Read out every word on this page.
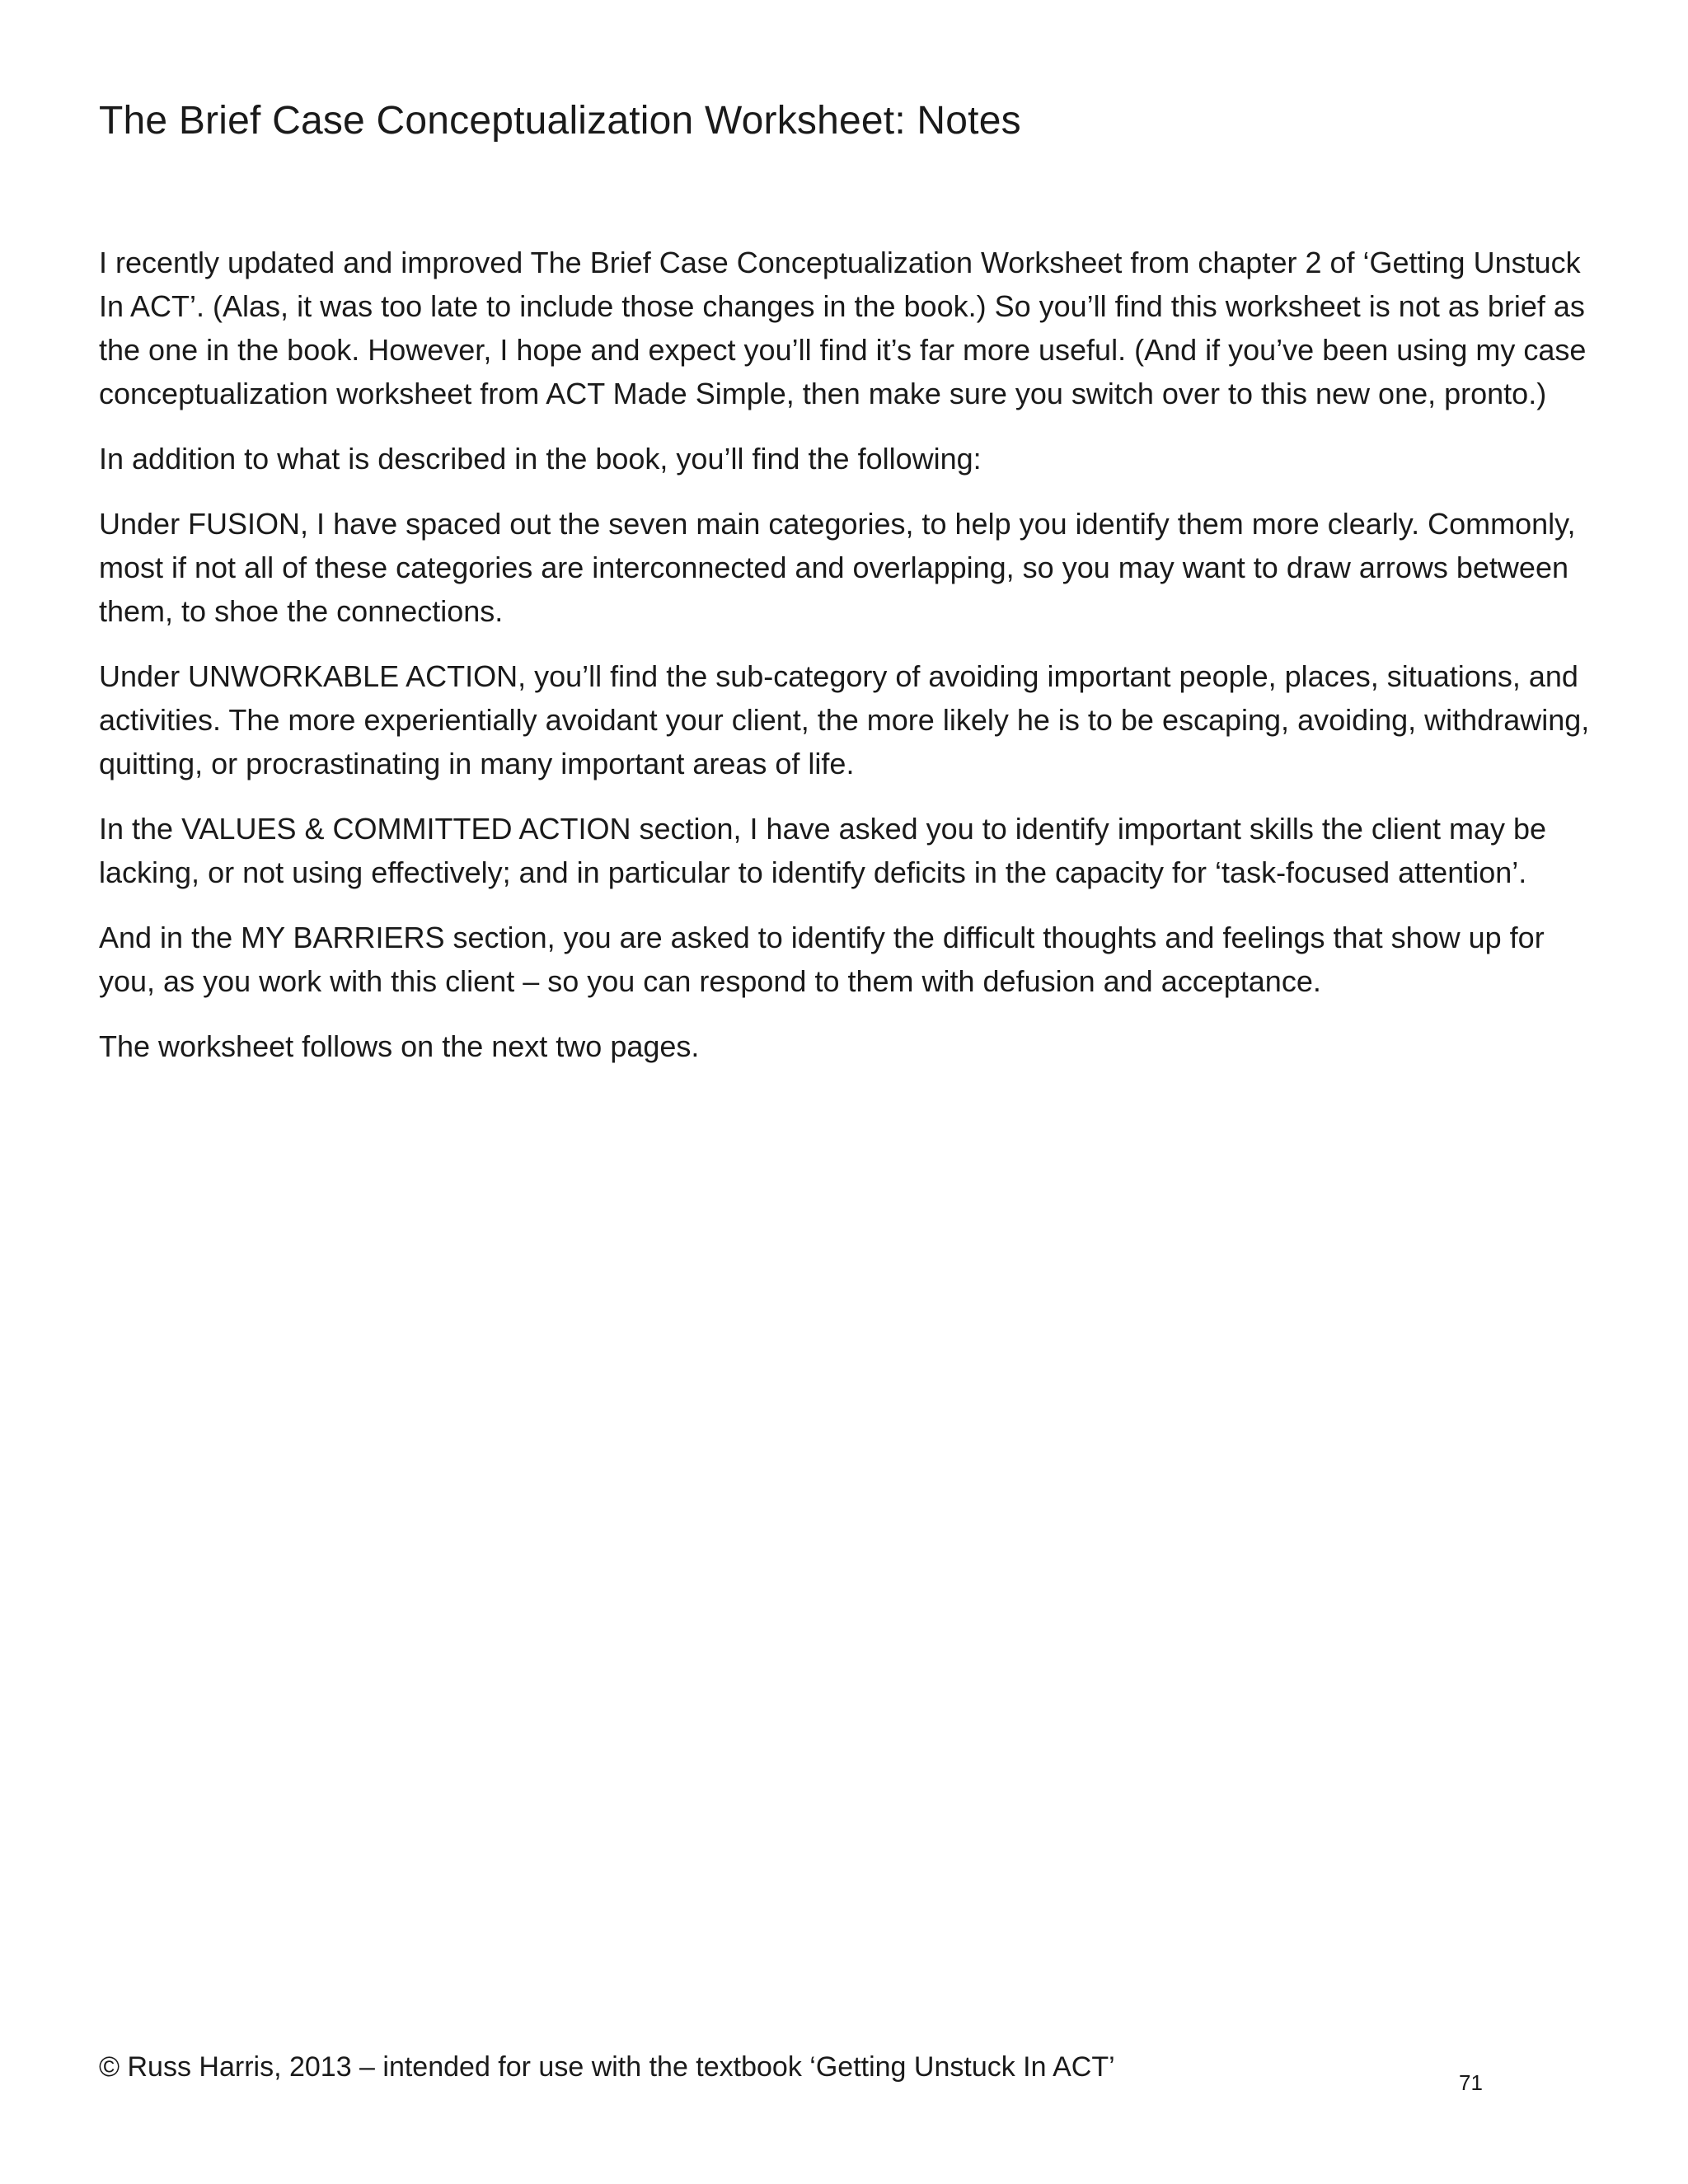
The Brief Case Conceptualization Worksheet: Notes

I recently updated and improved The Brief Case Conceptualization Worksheet from chapter 2 of ‘Getting Unstuck In ACT’. (Alas, it was too late to include those changes in the book.) So you’ll find this worksheet is not as brief as the one in the book. However, I hope and expect you’ll find it’s far more useful. (And if you’ve been using my case conceptualization worksheet from ACT Made Simple, then make sure you switch over to this new one, pronto.)

In addition to what is described in the book, you’ll find the following:

Under FUSION, I have spaced out the seven main categories, to help you identify them more clearly. Commonly, most if not all of these categories are interconnected and overlapping, so you may want to draw arrows between them, to shoe the connections.

Under UNWORKABLE ACTION, you’ll find the sub-category of avoiding important people, places, situations, and activities. The more experientially avoidant your client, the more likely he is to be escaping, avoiding, withdrawing, quitting, or procrastinating in many important areas of life.

In the VALUES & COMMITTED ACTION section, I have asked you to identify important skills the client may be lacking, or not using effectively; and in particular to identify deficits in the capacity for ‘task-focused attention’.

And in the MY BARRIERS section, you are asked to identify the difficult thoughts and feelings that show up for you, as you work with this client – so you can respond to them with defusion and acceptance.

The worksheet follows on the next two pages.

© Russ Harris, 2013 – intended for use with the textbook ‘Getting Unstuck In ACT’	71
